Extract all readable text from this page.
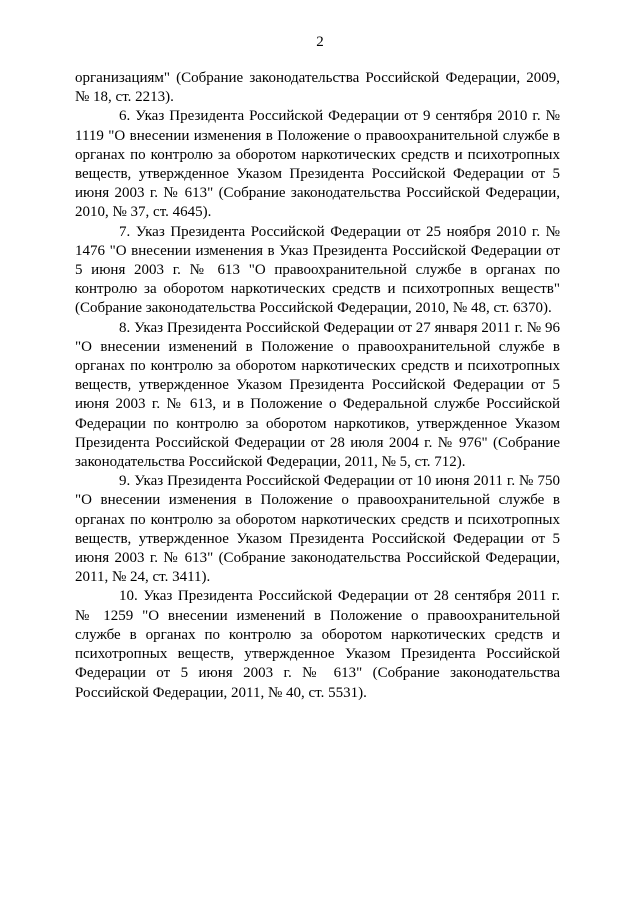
2

организациям" (Собрание законодательства Российской Федерации, 2009, № 18, ст. 2213).

6. Указ Президента Российской Федерации от 9 сентября 2010 г. № 1119 "О внесении изменения в Положение о правоохранительной службе в органах по контролю за оборотом наркотических средств и психотропных веществ, утвержденное Указом Президента Российской Федерации от 5 июня 2003 г. № 613" (Собрание законодательства Российской Федерации, 2010, № 37, ст. 4645).

7. Указ Президента Российской Федерации от 25 ноября 2010 г. № 1476 "О внесении изменения в Указ Президента Российской Федерации от 5 июня 2003 г. № 613 "О правоохранительной службе в органах по контролю за оборотом наркотических средств и психотропных веществ" (Собрание законодательства Российской Федерации, 2010, № 48, ст. 6370).

8. Указ Президента Российской Федерации от 27 января 2011 г. № 96 "О внесении изменений в Положение о правоохранительной службе в органах по контролю за оборотом наркотических средств и психотропных веществ, утвержденное Указом Президента Российской Федерации от 5 июня 2003 г. № 613, и в Положение о Федеральной службе Российской Федерации по контролю за оборотом наркотиков, утвержденное Указом Президента Российской Федерации от 28 июля 2004 г. № 976" (Собрание законодательства Российской Федерации, 2011, № 5, ст. 712).

9. Указ Президента Российской Федерации от 10 июня 2011 г. № 750 "О внесении изменения в Положение о правоохранительной службе в органах по контролю за оборотом наркотических средств и психотропных веществ, утвержденное Указом Президента Российской Федерации от 5 июня 2003 г. № 613" (Собрание законодательства Российской Федерации, 2011, № 24, ст. 3411).

10. Указ Президента Российской Федерации от 28 сентября 2011 г. № 1259 "О внесении изменений в Положение о правоохранительной службе в органах по контролю за оборотом наркотических средств и психотропных веществ, утвержденное Указом Президента Российской Федерации от 5 июня 2003 г. № 613" (Собрание законодательства Российской Федерации, 2011, № 40, ст. 5531).
